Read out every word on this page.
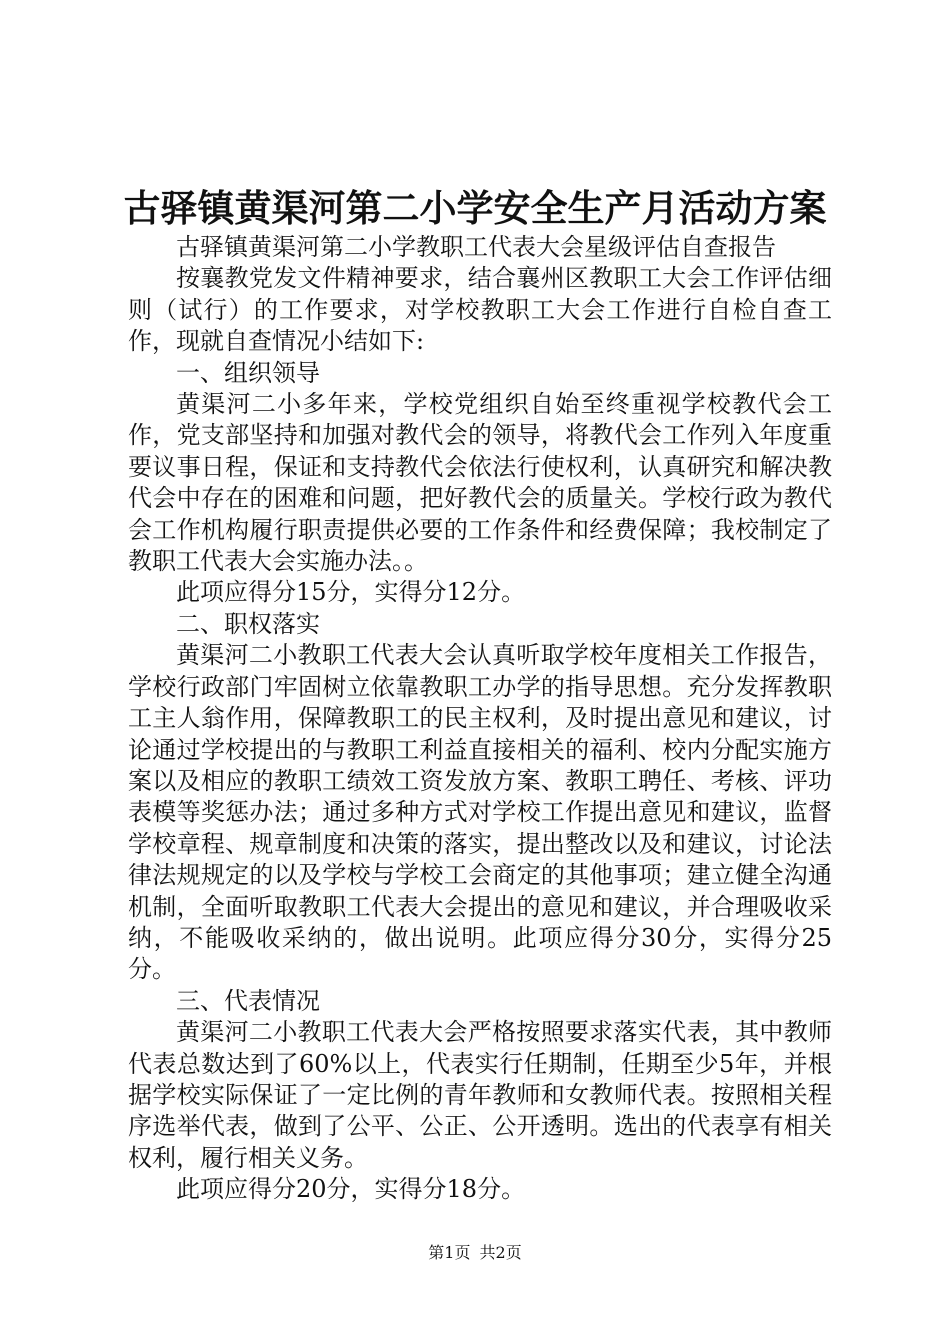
古驿镇黄渠河第二小学安全生产月活动方案

古驿镇黄渠河第二小学教职工代表大会星级评估自查报告

按襄教党发文件精神要求，结合襄州区教职工大会工作评估细则（试行）的工作要求，对学校教职工大会工作进行自检自查工作，现就自查情况小结如下:

一、组织领导

黄渠河二小多年来，学校党组织自始至终重视学校教代会工作，党支部坚持和加强对教代会的领导，将教代会工作列入年度重要议事日程，保证和支持教代会依法行使权利，认真研究和解决教代会中存在的困难和问题，把好教代会的质量关。学校行政为教代会工作机构履行职责提供必要的工作条件和经费保障；我校制定了教职工代表大会实施办法。。

此项应得分15分，实得分12分。

二、职权落实

黄渠河二小教职工代表大会认真听取学校年度相关工作报告，学校行政部门牢固树立依靠教职工办学的指导思想。充分发挥教职工主人翁作用，保障教职工的民主权利，及时提出意见和建议，讨论通过学校提出的与教职工利益直接相关的福利、校内分配实施方案以及相应的教职工绩效工资发放方案、教职工聘任、考核、评功表模等奖惩办法；通过多种方式对学校工作提出意见和建议，监督学校章程、规章制度和决策的落实，提出整改以及和建议，讨论法律法规规定的以及学校与学校工会商定的其他事项；建立健全沟通机制，全面听取教职工代表大会提出的意见和建议，并合理吸收采纳，不能吸收采纳的，做出说明。此项应得分30分，实得分25分。

三、代表情况

黄渠河二小教职工代表大会严格按照要求落实代表，其中教师代表总数达到了60%以上，代表实行任期制，任期至少5年，并根据学校实际保证了一定比例的青年教师和女教师代表。按照相关程序选举代表，做到了公平、公正、公开透明。选出的代表享有相关权利，履行相关义务。

此项应得分20分，实得分18分。

第1页 共2页
